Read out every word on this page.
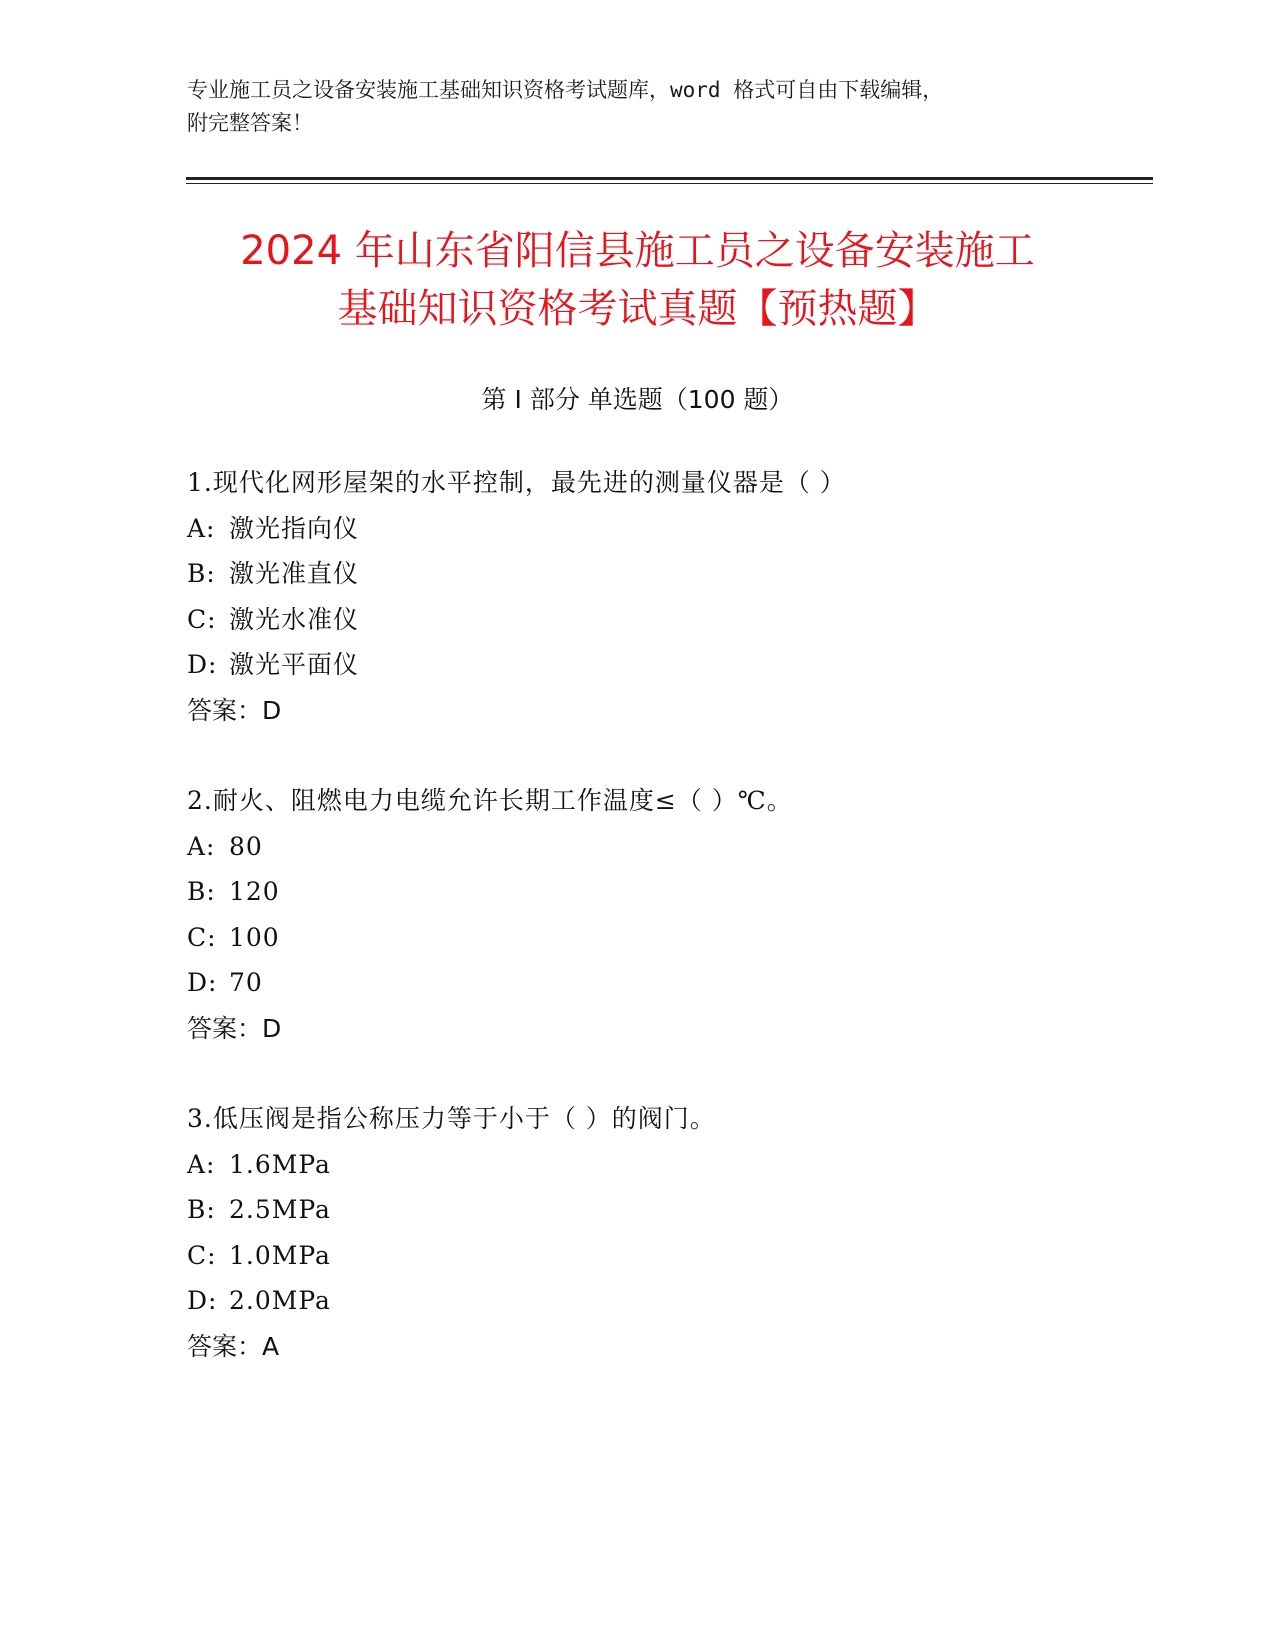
专业施工员之设备安装施工基础知识资格考试题库，word 格式可自由下载编辑，
附完整答案！
2024 年山东省阳信县施工员之设备安装施工
基础知识资格考试真题【预热题】
第 I 部分 单选题（100 题）
1.现代化网形屋架的水平控制，最先进的测量仪器是（ ）
A: 激光指向仪
B: 激光准直仪
C: 激光水准仪
D: 激光平面仪
答案：D
2.耐火、阻燃电力电缆允许长期工作温度≤（ ）℃。
A: 80
B: 120
C: 100
D: 70
答案：D
3.低压阀是指公称压力等于小于（ ）的阀门。
A: 1.6MPa
B: 2.5MPa
C: 1.0MPa
D: 2.0MPa
答案：A
